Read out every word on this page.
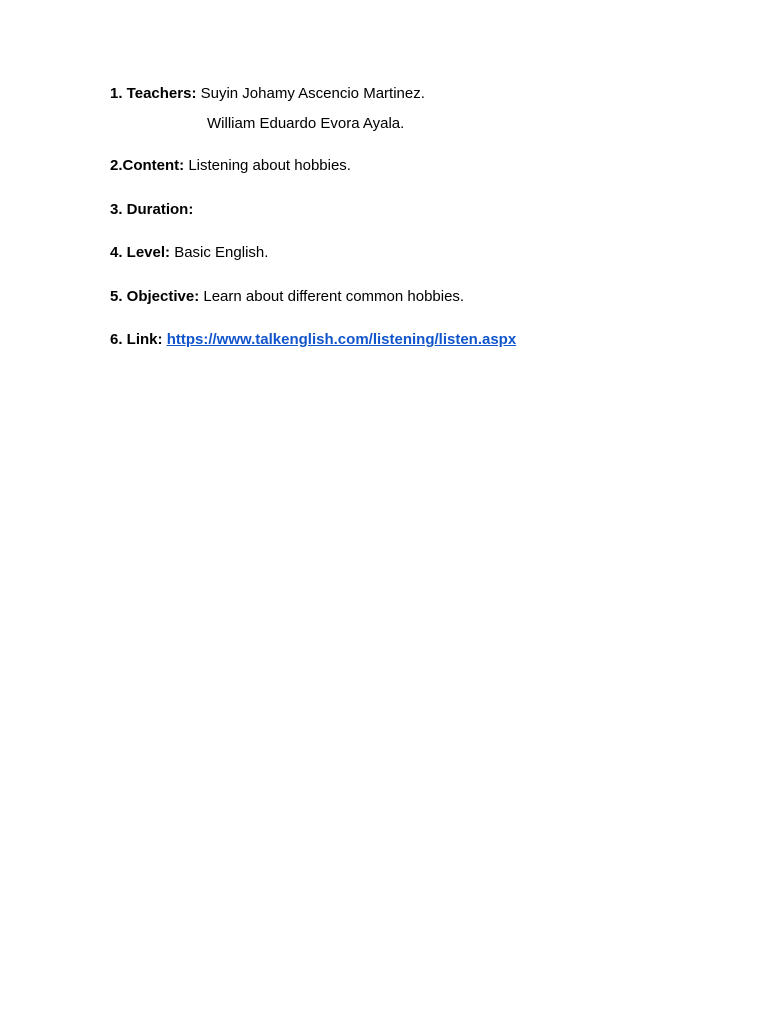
1. Teachers: Suyin Johamy Ascencio Martinez.
William Eduardo Evora Ayala.
2.Content: Listening about hobbies.
3. Duration:
4. Level: Basic English.
5. Objective: Learn about different common hobbies.
6. Link: https://www.talkenglish.com/listening/listen.aspx
